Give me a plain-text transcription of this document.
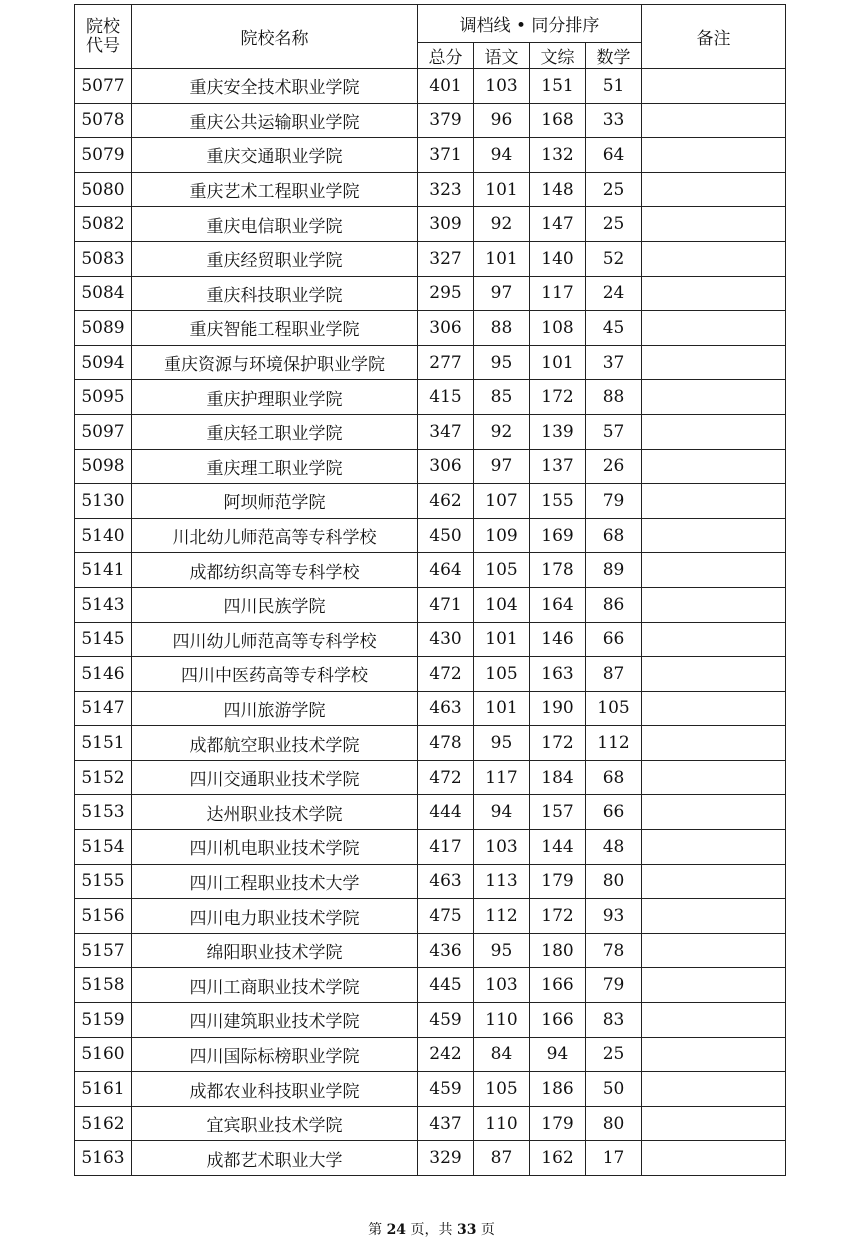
院校
代号	院校名称	调档线 • 同分排序				备注
		总分	语文	文综	数学	
5077	重庆安全技术职业学院	401	103	151	51	
5078	重庆公共运输职业学院	379	96	168	33	
5079	重庆交通职业学院	371	94	132	64	
5080	重庆艺术工程职业学院	323	101	148	25	
5082	重庆电信职业学院	309	92	147	25	
5083	重庆经贸职业学院	327	101	140	52	
5084	重庆科技职业学院	295	97	117	24	
5089	重庆智能工程职业学院	306	88	108	45	
5094	重庆资源与环境保护职业学院	277	95	101	37	
5095	重庆护理职业学院	415	85	172	88	
5097	重庆轻工职业学院	347	92	139	57	
5098	重庆理工职业学院	306	97	137	26	
5130	阿坝师范学院	462	107	155	79	
5140	川北幼儿师范高等专科学校	450	109	169	68	
5141	成都纺织高等专科学校	464	105	178	89	
5143	四川民族学院	471	104	164	86	
5145	四川幼儿师范高等专科学校	430	101	146	66	
5146	四川中医药高等专科学校	472	105	163	87	
5147	四川旅游学院	463	101	190	105	
5151	成都航空职业技术学院	478	95	172	112	
5152	四川交通职业技术学院	472	117	184	68	
5153	达州职业技术学院	444	94	157	66	
5154	四川机电职业技术学院	417	103	144	48	
5155	四川工程职业技术大学	463	113	179	80	
5156	四川电力职业技术学院	475	112	172	93	
5157	绵阳职业技术学院	436	95	180	78	
5158	四川工商职业技术学院	445	103	166	79	
5159	四川建筑职业技术学院	459	110	166	83	
5160	四川国际标榜职业学院	242	84	94	25	
5161	成都农业科技职业学院	459	105	186	50	
5162	宜宾职业技术学院	437	110	179	80	
5163	成都艺术职业大学	329	87	162	17	
第 24 页，共 33 页
